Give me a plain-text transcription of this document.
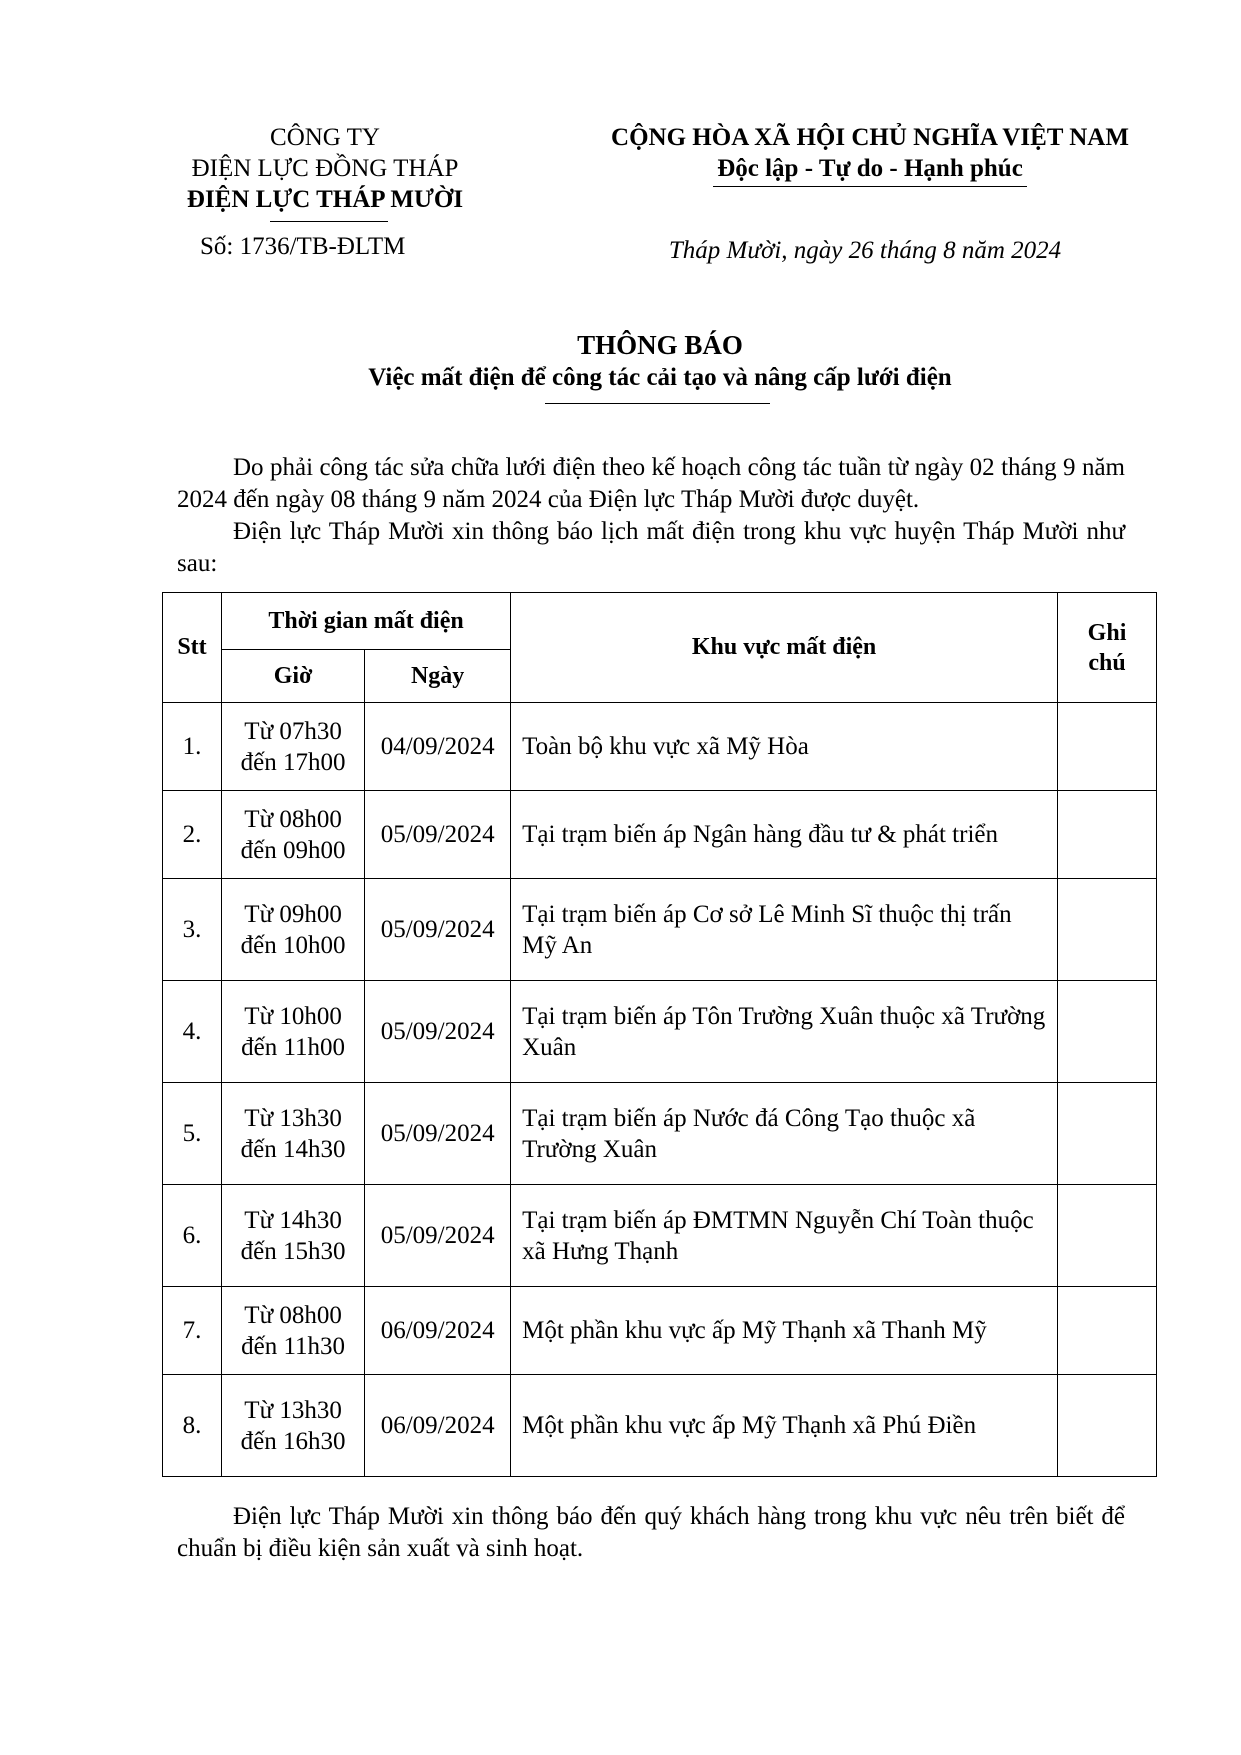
CÔNG TY
ĐIỆN LỰC ĐỒNG THÁP
ĐIỆN LỰC THÁP MƯỜI
Số: 1736/TB-ĐLTM
CỘNG HÒA XÃ HỘI CHỦ NGHĨA VIỆT NAM
Độc lập - Tự do - Hạnh phúc
Tháp Mười, ngày 26 tháng 8 năm 2024
THÔNG BÁO
Việc mất điện để công tác cải tạo và nâng cấp lưới điện
Do phải công tác sửa chữa lưới điện theo kế hoạch công tác tuần từ ngày 02 tháng 9 năm 2024 đến ngày 08 tháng 9 năm 2024 của Điện lực Tháp Mười được duyệt.
Điện lực Tháp Mười xin thông báo lịch mất điện trong khu vực huyện Tháp Mười như sau:
Stt	Thời gian mất điện		Khu vực mất điện	Ghi
chú

	Giờ	Ngày		
1.	Từ 07h30
đến 17h00	04/09/2024	Toàn bộ khu vực xã Mỹ Hòa	
2.	Từ 08h00
đến 09h00	05/09/2024	Tại trạm biến áp Ngân hàng đầu tư & phát triển	
3.	Từ 09h00
đến 10h00	05/09/2024	Tại trạm biến áp Cơ sở Lê Minh Sĩ thuộc thị trấn Mỹ An	
4.	Từ 10h00
đến 11h00	05/09/2024	Tại trạm biến áp Tôn Trường Xuân thuộc xã Trường Xuân	
5.	Từ 13h30
đến 14h30	05/09/2024	Tại trạm biến áp Nước đá Công Tạo thuộc xã Trường Xuân	
6.	Từ 14h30
đến 15h30	05/09/2024	Tại trạm biến áp ĐMTMN Nguyễn Chí Toàn thuộc xã Hưng Thạnh	
7.	Từ 08h00
đến 11h30	06/09/2024	Một phần khu vực ấp Mỹ Thạnh xã Thanh Mỹ	
8.	Từ 13h30
đến 16h30	06/09/2024	Một phần khu vực ấp Mỹ Thạnh xã Phú Điền	
Điện lực Tháp Mười xin thông báo đến quý khách hàng trong khu vực nêu trên biết để chuẩn bị điều kiện sản xuất và sinh hoạt.
